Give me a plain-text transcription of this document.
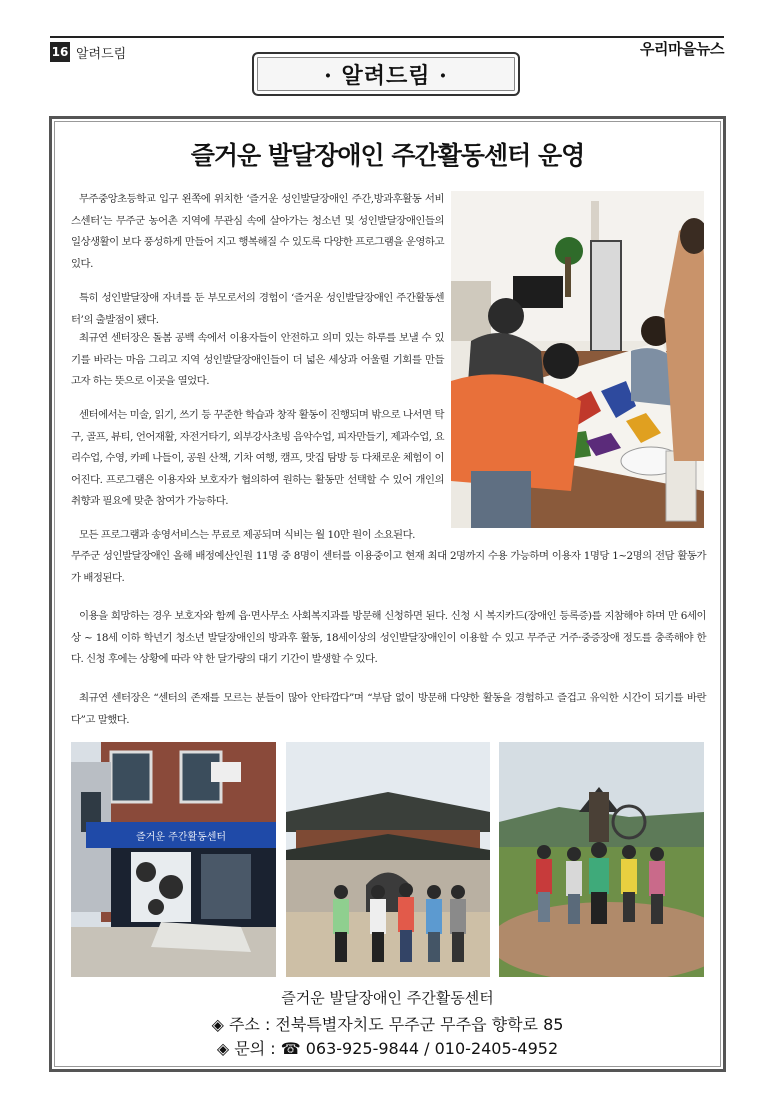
16 알려드림	우리마을뉴스
· 알려드림 ·
즐거운 발달장애인 주간활동센터 운영

무주중앙초등학교 입구 왼쪽에 위치한 ‘즐거운 성인발달장애인 주간,방과후활동 서비스센터’는 무주군 농어촌 지역에 무관심 속에 살아가는 청소년 및 성인발달장애인들의 일상생활이 보다 풍성하게 만들어 지고 행복해질 수 있도록 다양한 프로그램을 운영하고 있다.

특히 성인발달장애 자녀를 둔 부모로서의 경험이 ‘즐거운 성인발달장애인 주간활동센터’의 출발점이 됐다.

최규연 센터장은 돌봄 공백 속에서 이용자들이 안전하고 의미 있는 하루를 보낼 수 있기를 바라는 마음 그리고 지역 성인발달장애인들이 더 넓은 세상과 어울릴 기회를 만들고자 하는 뜻으로 이곳을 열었다.

센터에서는 미술, 읽기, 쓰기 등 꾸준한 학습과 창작 활동이 진행되며 밖으로 나서면 탁구, 골프, 뷰티, 언어재활, 자전거타기, 외부강사초빙 음악수업, 피자만들기, 제과수업, 요리수업, 수영, 카페 나들이, 공원 산책, 기차 여행, 캠프, 맛집 탐방 등 다채로운 체험이 이어진다. 프로그램은 이용자와 보호자가 협의하여 원하는 활동만 선택할 수 있어 개인의 취향과 필요에 맞춘 참여가 가능하다.

모든 프로그램과 송영서비스는 무료로 제공되며 식비는 월 10만 원이 소요된다.

무주군 성인발달장애인 올해 배정예산인원 11명 중 8명이 센터를 이용중이고 현재 최대 2명까지 수용 가능하며 이용자 1명당 1~2명의 전담 활동가가 배정된다.

이용을 희망하는 경우 보호자와 함께 읍·면사무소 사회복지과를 방문해 신청하면 된다. 신청 시 복지카드(장애인 등록증)를 지참해야 하며 만 6세이상 ~ 18세 이하 학년기 청소년 발달장애인의 방과후 활동, 18세이상의 성인발달장애인이 이용할 수 있고 무주군 거주·중증장애 정도를 충족해야 한다. 신청 후에는 상황에 따라 약 한 달가량의 대기 기간이 발생할 수 있다.

최규연 센터장은 “센터의 존재를 모르는 분들이 많아 안타깝다”며 “부담 없이 방문해 다양한 활동을 경험하고 즐겁고 유익한 시간이 되기를 바란다”고 말했다.

즐거운 주간활동센터
즐거운 발달장애인 주간활동센터
◈ 주소 : 전북특별자치도 무주군 무주읍 향학로 85
◈ 문의 : ☎ 063-925-9844 / 010-2405-4952
